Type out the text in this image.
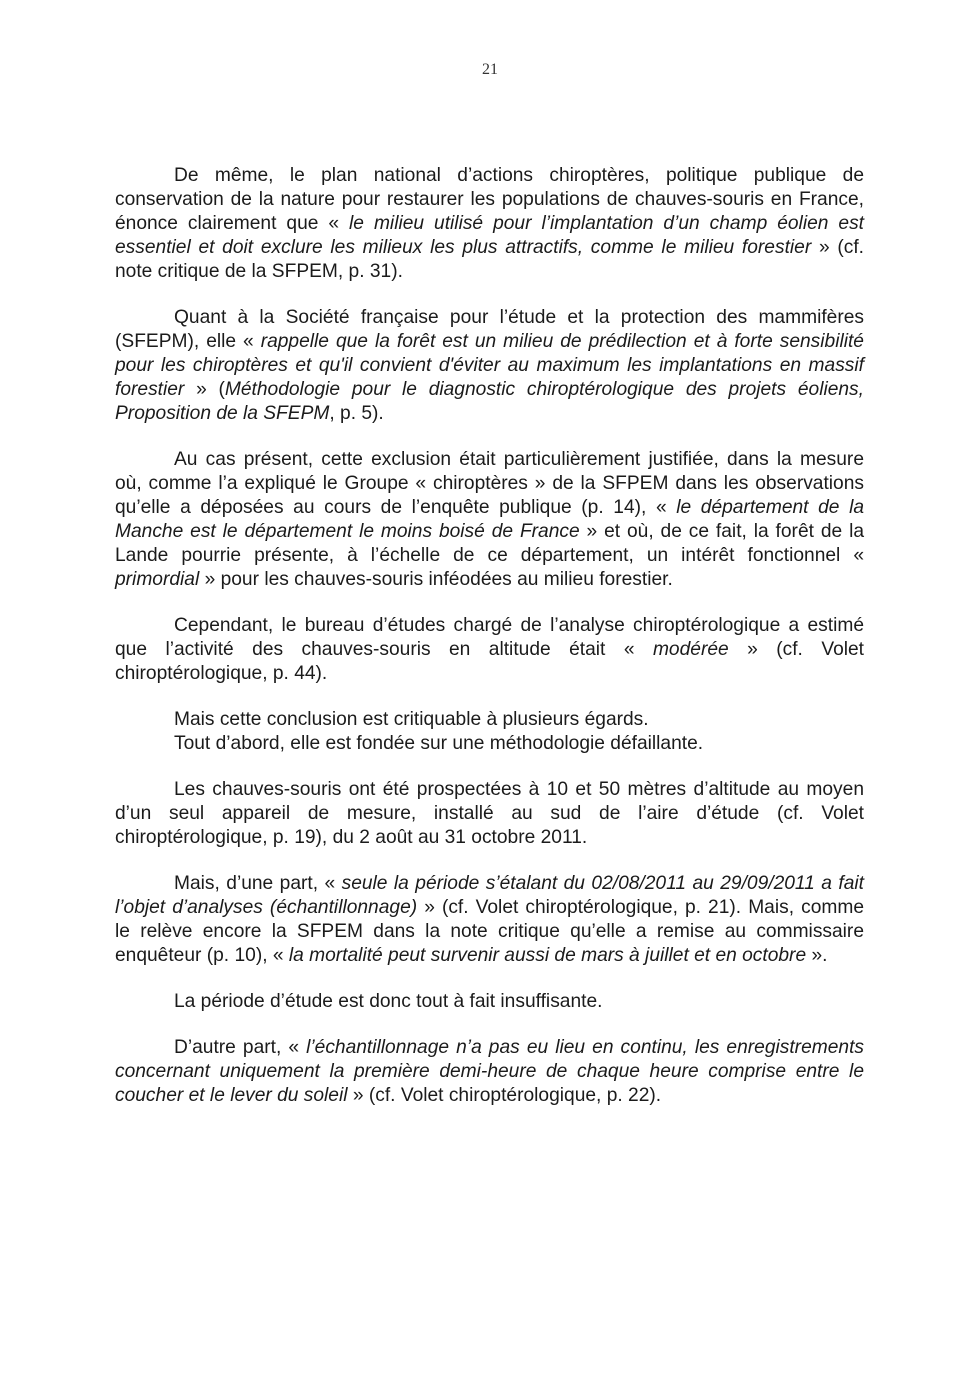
21

De même, le plan national d’actions chiroptères, politique publique de conservation de la nature pour restaurer les populations de chauves-souris en France, énonce clairement que « le milieu utilisé pour l’implantation d’un champ éolien est essentiel et doit exclure les milieux les plus attractifs, comme le milieu forestier » (cf. note critique de la SFPEM, p. 31).

Quant à la Société française pour l’étude et la protection des mammifères (SFEPM), elle « rappelle que la forêt est un milieu de prédilection et à forte sensibilité pour les chiroptères et qu'il convient d'éviter au maximum les implantations en massif forestier » (Méthodologie pour le diagnostic chiroptérologique des projets éoliens, Proposition de la SFEPM, p. 5).

Au cas présent, cette exclusion était particulièrement justifiée, dans la mesure où, comme l’a expliqué le Groupe « chiroptères » de la SFPEM dans les observations qu’elle a déposées au cours de l’enquête publique (p. 14), « le département de la Manche est le département le moins boisé de France » et où, de ce fait, la forêt de la Lande pourrie présente, à l’échelle de ce département, un intérêt fonctionnel « primordial » pour les chauves-souris inféodées au milieu forestier.

Cependant, le bureau d’études chargé de l’analyse chiroptérologique a estimé que l’activité des chauves-souris en altitude était « modérée » (cf. Volet chiroptérologique, p. 44).

Mais cette conclusion est critiquable à plusieurs égards.

Tout d’abord, elle est fondée sur une méthodologie défaillante.

Les chauves-souris ont été prospectées à 10 et 50 mètres d’altitude au moyen d’un seul appareil de mesure, installé au sud de l’aire d’étude (cf. Volet chiroptérologique, p. 19), du 2 août au 31 octobre 2011.

Mais, d’une part, « seule la période s’étalant du 02/08/2011 au 29/09/2011 a fait l’objet d’analyses (échantillonnage) » (cf. Volet chiroptérologique, p. 21). Mais, comme le relève encore la SFPEM dans la note critique qu’elle a remise au commissaire enquêteur (p. 10), « la mortalité peut survenir aussi de mars à juillet et en octobre ».

La période d’étude est donc tout à fait insuffisante.

D’autre part, « l’échantillonnage n’a pas eu lieu en continu, les enregistrements concernant uniquement la première demi-heure de chaque heure comprise entre le coucher et le lever du soleil » (cf. Volet chiroptérologique, p. 22).
